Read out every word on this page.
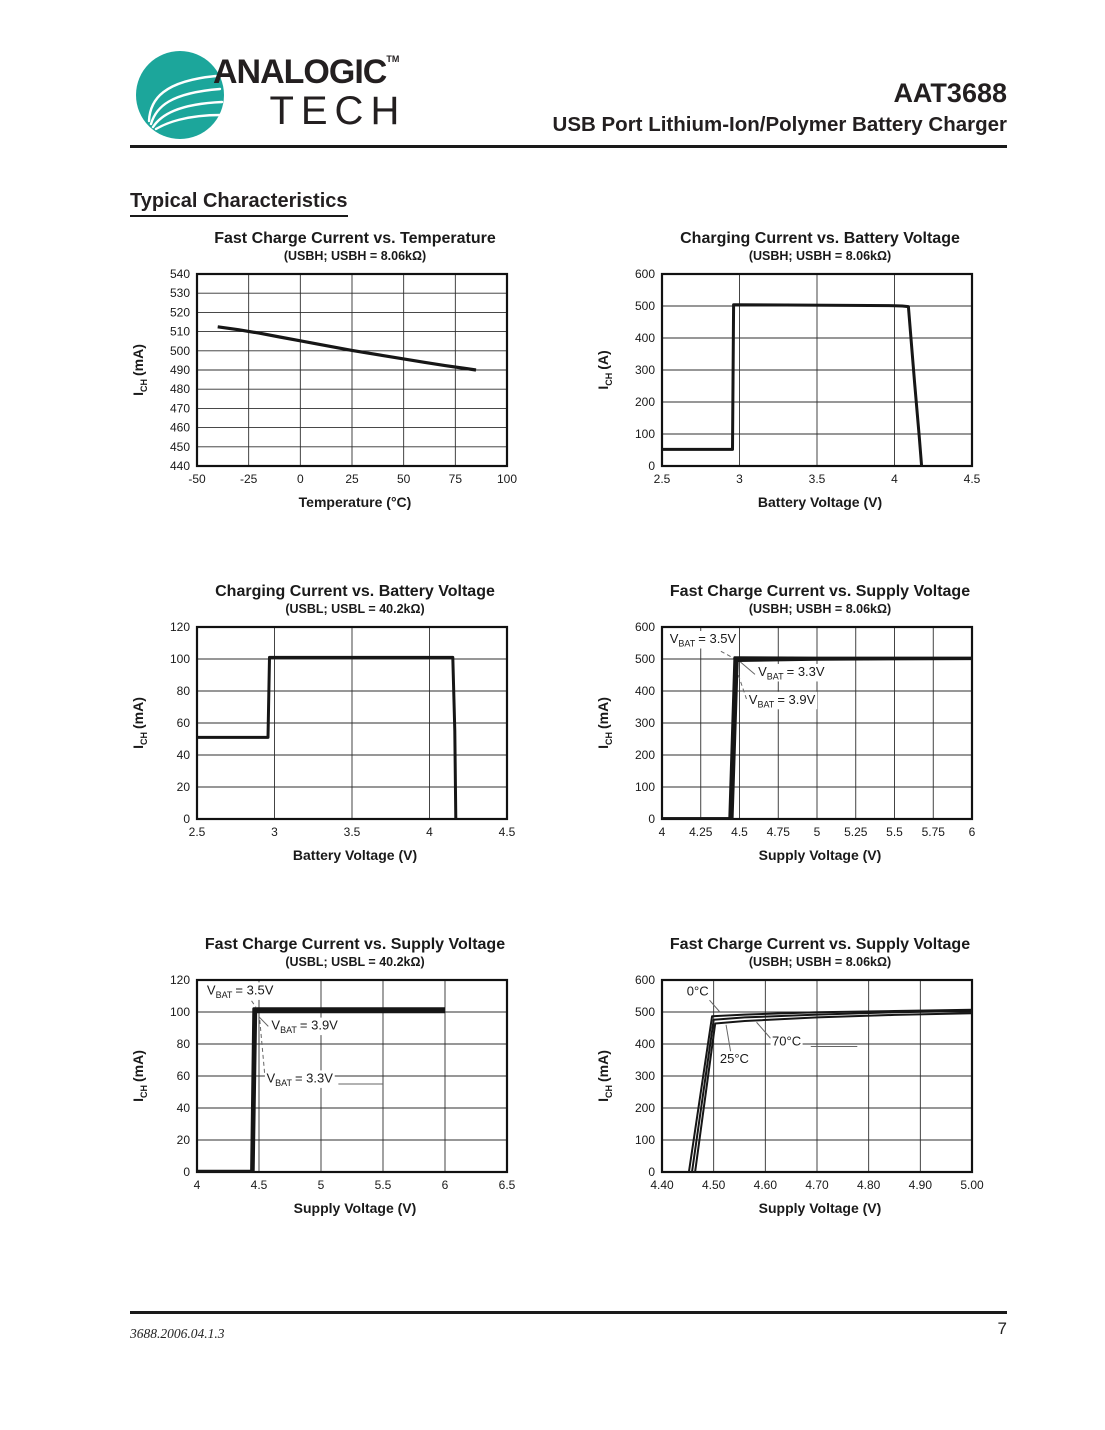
ANALOGIC™
TECH	AAT3688
USB Port Lithium-Ion/Polymer Battery Charger
Typical Characteristics
Fast Charge Current vs. Temperature
(USBH; USBH = 8.06kΩ)
$I_{CH}(mA)$
-50	-25	0	25	50	75	100
440
450
460
470
480
490
500
510
520
530
540
Temperature (°C)
Charging Current vs. Battery Voltage
(USBH; USBH = 8.06kΩ)
$I_{CH}(A)$
2.5	3	3.5	4	4.5
0
100
200
300
400
500
600
Battery Voltage (V)
Charging Current vs. Battery Voltage
(USBL; USBL = 40.2kΩ)
$I_{CH}(mA)$
2.5	3	3.5	4	4.5
0
20
40
60
80
100
120
Battery Voltage (V)
Fast Charge Current vs. Supply Voltage
(USBH; USBH = 8.06kΩ)
$I_{CH}(mA)$
4 4.25 4.5 4.75 5 5.25 5.5 5.75 6
0
100
200
300
400
500
600
$V_{BAT} = 3.5V$
$V_{BAT} = 3.3V$
$V_{BAT} = 3.9V$
Supply Voltage (V)
Fast Charge Current vs. Supply Voltage
(USBL; USBL = 40.2kΩ)
$I_{CH}(mA)$
4	4.5	5	5.5	6	6.5
0
20
40
60
80
100
120
$V_{BAT} = 3.5V$
$V_{BAT} = 3.9V$
$V_{BAT} = 3.3V$
Supply Voltage (V)
Fast Charge Current vs. Supply Voltage
(USBH; USBH = 8.06kΩ)
$I_{CH}(mA)$
4.40 4.50 4.60 4.70 4.80 4.90 5.00
0
100
200
300
400
500
600
0°C
25°C
70°C
Supply Voltage (V)
3688.2006.04.1.3	7
